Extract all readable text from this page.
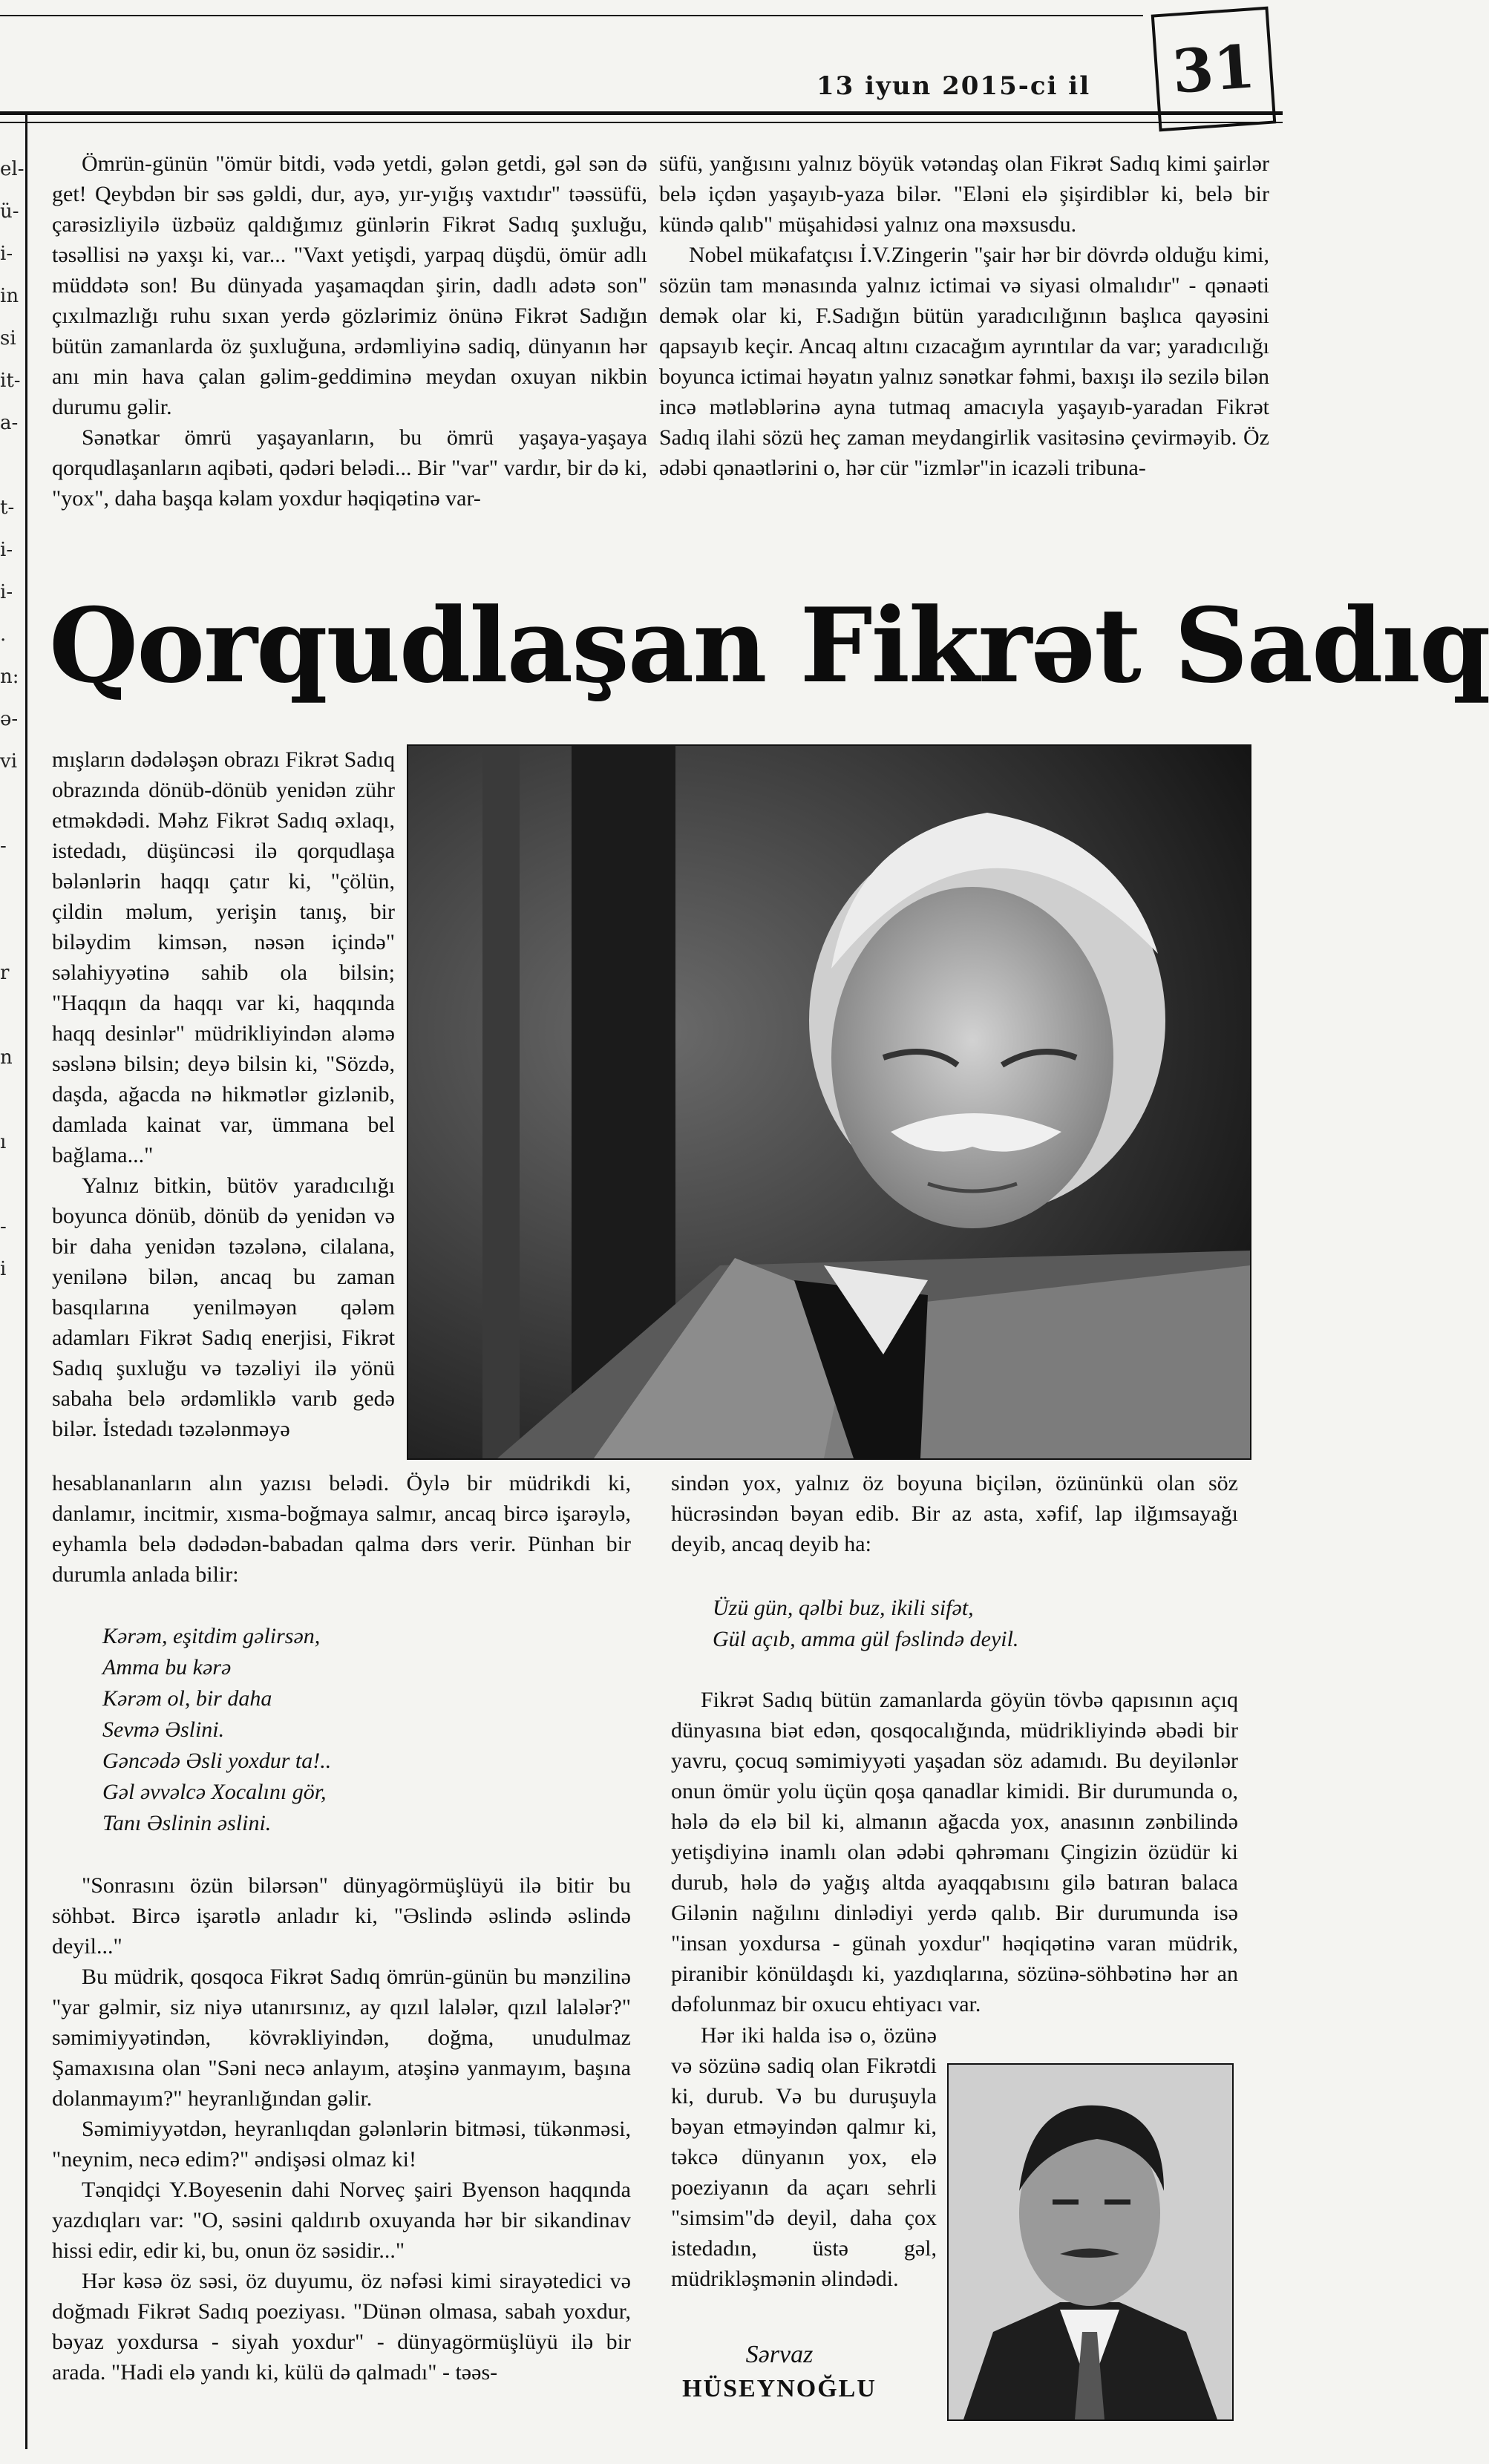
13 iyun 2015-ci il	31
el-
ü-
i-
in
si
it-
a-
t-
i-
i-
.
n:
ə-
vi
-
r
n
ı
-
i

Ömrün-günün "ömür bitdi, vədə yetdi, gələn getdi, gəl sən də get! Qeybdən bir səs gəldi, dur, ayə, yır-yığış vaxtıdır" təəssüfü, çarəsizliyilə üzbəüz qaldığımız günlərin Fikrət Sadıq şuxluğu, təsəllisi nə yaxşı ki, var... "Vaxt yetişdi, yarpaq düşdü, ömür adlı müddətə son! Bu dünyada yaşamaqdan şirin, dadlı adətə son" çıxılmazlığı ruhu sıxan yerdə gözlərimiz önünə Fikrət Sadığın bütün zamanlarda öz şuxluğuna, ərdəmliyinə sadiq, dünyanın hər anı min hava çalan gəlim-geddiminə meydan oxuyan nikbin durumu gəlir.

Sənətkar ömrü yaşayanların, bu ömrü yaşaya-yaşaya qorqudlaşanların aqibəti, qədəri belədi... Bir "var" vardır, bir də ki, "yox", daha başqa kəlam yoxdur həqiqətinə var-

süfü, yanğısını yalnız böyük vətəndaş olan Fikrət Sadıq kimi şairlər belə içdən yaşayıb-yaza bilər. "Eləni elə şişirdiblər ki, belə bir kündə qalıb" müşahidəsi yalnız ona məxsusdu.

Nobel mükafatçısı İ.V.Zingerin "şair hər bir dövrdə olduğu kimi, sözün tam mənasında yalnız ictimai və siyasi olmalıdır" - qənaəti demək olar ki, F.Sadığın bütün yaradıcılığının başlıca qayəsini qapsayıb keçir. Ancaq altını cızacağım ayrıntılar da var; yaradıcılığı boyunca ictimai həyatın yalnız sənətkar fəhmi, baxışı ilə sezilə bilən incə mətləblərinə ayna tutmaq amacıyla yaşayıb-yaradan Fikrət Sadıq ilahi sözü heç zaman meydangirlik vasitəsinə çevirməyib. Öz ədəbi qənaətlərini o, hər cür "izmlər"in icazəli tribuna-

Qorqudlaşan Fikrət Sadıq

mışların dədələşən obrazı Fikrət Sadıq obrazında dönüb-dönüb yenidən zühr etməkdədi. Məhz Fikrət Sadıq əxlaqı, istedadı, düşüncəsi ilə qorqudlaşa bələnlərin haqqı çatır ki, "çölün, çildin məlum, yerişin tanış, bir biləydim kimsən, nəsən içində" səlahiyyətinə sahib ola bilsin; "Haqqın da haqqı var ki, haqqında haqq desinlər" müdrikliyindən aləmə səslənə bilsin; deyə bilsin ki, "Sözdə, daşda, ağacda nə hikmətlər gizlənib, damlada kainat var, ümmana bel bağlama..."

Yalnız bitkin, bütöv yaradıcılığı boyunca dönüb, dönüb də yenidən və bir daha yenidən təzələnə, cilalana, yenilənə bilən, ancaq bu zaman basqılarına yenilməyən qələm adamları Fikrət Sadıq enerjisi, Fikrət Sadıq şuxluğu və təzəliyi ilə yönü sabaha belə ərdəmliklə varıb gedə bilər. İstedadı təzələnməyə

hesablananların alın yazısı belədi. Öylə bir müdrikdi ki, danlamır, incitmir, xısma-boğmaya salmır, ancaq bircə işarəylə, eyhamla belə dədədən-babadan qalma dərs verir. Pünhan bir durumla anlada bilir:

Kərəm, eşitdim gəlirsən,
Amma bu kərə
Kərəm ol, bir daha
Sevmə Əslini.
Gəncədə Əsli yoxdur ta!..
Gəl əvvəlcə Xocalını gör,
Tanı Əslinin əslini.

"Sonrasını özün bilərsən" dünyagörmüşlüyü ilə bitir bu söhbət. Bircə işarətlə anladır ki, "Əslində əslində əslində deyil..."

Bu müdrik, qosqoca Fikrət Sadıq ömrün-günün bu mənzilinə "yar gəlmir, siz niyə utanırsınız, ay qızıl lalələr, qızıl lalələr?" səmimiyyətindən, kövrəkliyindən, doğma, unudulmaz Şamaxısına olan "Səni necə anlayım, atəşinə yanmayım, başına dolanmayım?" heyranlığından gəlir.

Səmimiyyətdən, heyranlıqdan gələnlərin bitməsi, tükənməsi, "neynim, necə edim?" əndişəsi olmaz ki!

Tənqidçi Y.Boyesenin dahi Norveç şairi Byenson haqqında yazdıqları var: "O, səsini qaldırıb oxuyanda hər bir sikandinav hissi edir, edir ki, bu, onun öz səsidir..."

Hər kəsə öz səsi, öz duyumu, öz nəfəsi kimi sirayətedici və doğmadı Fikrət Sadıq poeziyası. "Dünən olmasa, sabah yoxdur, bəyaz yoxdursa - siyah yoxdur" - dünyagörmüşlüyü ilə bir arada. "Hadi elə yandı ki, külü də qalmadı" - təəs-

sindən yox, yalnız öz boyuna biçilən, özününkü olan söz hücrəsindən bəyan edib. Bir az asta, xəfif, lap ilğımsayağı deyib, ancaq deyib ha:

Üzü gün, qəlbi buz, ikili sifət,
Gül açıb, amma gül fəslində deyil.

Fikrət Sadıq bütün zamanlarda göyün tövbə qapısının açıq dünyasına biət edən, qosqocalığında, müdrikliyində əbədi bir yavru, çocuq səmimiyyəti yaşadan söz adamıdı. Bu deyilənlər onun ömür yolu üçün qoşa qanadlar kimidi. Bir durumunda o, hələ də elə bil ki, almanın ağacda yox, anasının zənbilində yetişdiyinə inamlı olan ədəbi qəhrəmanı Çingizin özüdür ki durub, hələ də yağış altda ayaqqabısını gilə batıran balaca Gilənin nağılını dinlədiyi yerdə qalıb. Bir durumunda isə "insan yoxdursa - günah yoxdur" həqiqətinə varan müdrik, piranibir könüldaşdı ki, yazdıqlarına, sözünə-söhbətinə hər an dəfolunmaz bir oxucu ehtiyacı var.

Hər iki halda isə o, özünə və sözünə sadiq olan Fikrətdi ki, durub. Və bu duruşuyla bəyan etməyindən qalmır ki, təkcə dünyanın yox, elə poeziyanın da açarı sehrli "simsim"də deyil, daha çox istedadın, üstə gəl, müdrikləşmənin əlindədi.

Sərvaz
HÜSEYNOĞLU
